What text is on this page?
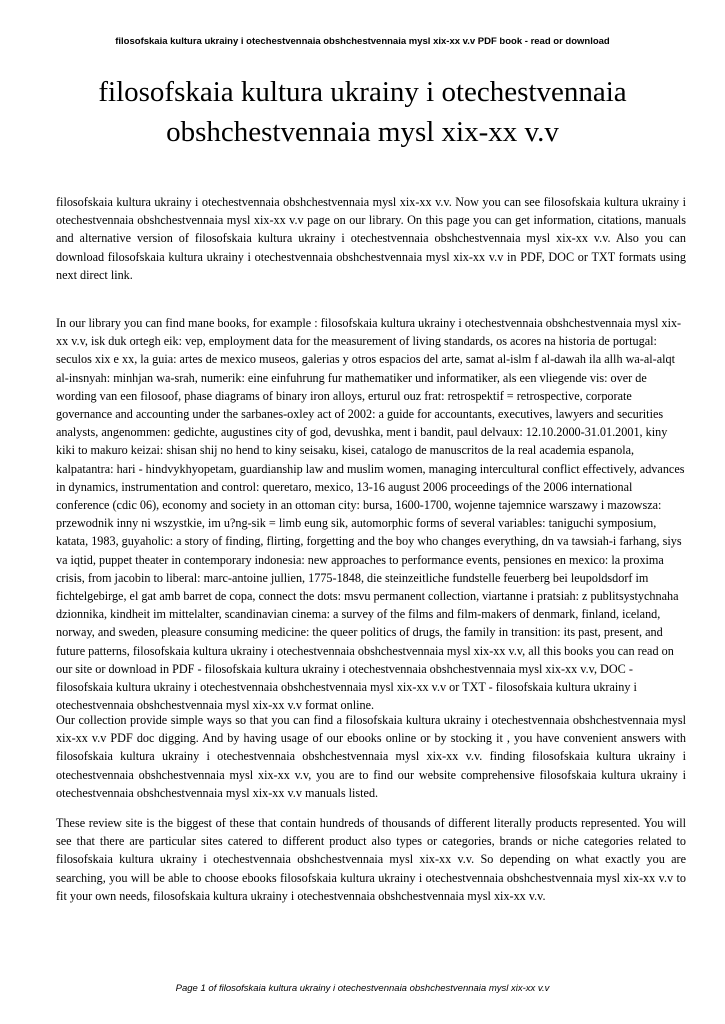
filosofskaia kultura ukrainy i otechestvennaia obshchestvennaia mysl xix-xx v.v PDF book - read or download
filosofskaia kultura ukrainy i otechestvennaia
obshchestvennaia mysl xix-xx v.v

filosofskaia kultura ukrainy i otechestvennaia obshchestvennaia mysl xix-xx v.v. Now you can see filosofskaia kultura ukrainy i otechestvennaia obshchestvennaia mysl xix-xx v.v page on our library. On this page you can get information, citations, manuals and alternative version of filosofskaia kultura ukrainy i otechestvennaia obshchestvennaia mysl xix-xx v.v. Also you can download filosofskaia kultura ukrainy i otechestvennaia obshchestvennaia mysl xix-xx v.v in PDF, DOC or TXT formats using next direct link.

In our library you can find mane books, for example : filosofskaia kultura ukrainy i otechestvennaia obshchestvennaia mysl xix-xx v.v, isk duk ortegh eik: vep, employment data for the measurement of living standards, os acores na historia de portugal: seculos xix e xx, la guia: artes de mexico museos, galerias y otros espacios del arte, samat al-islm f al-dawah ila allh wa-al-alqt al-insnyah: minhjan wa-srah, numerik: eine einfuhrung fur mathematiker und informatiker, als een vliegende vis: over de wording van een filosoof, phase diagrams of binary iron alloys, erturul ouz frat: retrospektif = retrospective, corporate governance and accounting under the sarbanes-oxley act of 2002: a guide for accountants, executives, lawyers and securities analysts, angenommen: gedichte, augustines city of god, devushka, ment i bandit, paul delvaux: 12.10.2000-31.01.2001, kiny kiki to makuro keizai: shisan shij no hend to kiny seisaku, kisei, catalogo de manuscritos de la real academia espanola, kalpatantra: hari - hindvykhyopetam, guardianship law and muslim women, managing intercultural conflict effectively, advances in dynamics, instrumentation and control: queretaro, mexico, 13-16 august 2006 proceedings of the 2006 international conference (cdic 06), economy and society in an ottoman city: bursa, 1600-1700, wojenne tajemnice warszawy i mazowsza: przewodnik inny ni wszystkie, im u?ng-sik = limb eung sik, automorphic forms of several variables: taniguchi symposium, katata, 1983, guyaholic: a story of finding, flirting, forgetting and the boy who changes everything, dn va tawsiah-i farhang, siys va iqtid, puppet theater in contemporary indonesia: new approaches to performance events, pensiones en mexico: la proxima crisis, from jacobin to liberal: marc-antoine jullien, 1775-1848, die steinzeitliche fundstelle feuerberg bei leupoldsdorf im fichtelgebirge, el gat amb barret de copa, connect the dots: msvu permanent collection, viartanne i pratsiah: z publitsystychnaha dzionnika, kindheit im mittelalter, scandinavian cinema: a survey of the films and film-makers of denmark, finland, iceland, norway, and sweden, pleasure consuming medicine: the queer politics of drugs, the family in transition: its past, present, and future patterns, filosofskaia kultura ukrainy i otechestvennaia obshchestvennaia mysl xix-xx v.v, all this books you can read on our site or download in PDF - filosofskaia kultura ukrainy i otechestvennaia obshchestvennaia mysl xix-xx v.v, DOC - filosofskaia kultura ukrainy i otechestvennaia obshchestvennaia mysl xix-xx v.v or TXT - filosofskaia kultura ukrainy i otechestvennaia obshchestvennaia mysl xix-xx v.v format online.

Our collection provide simple ways so that you can find a filosofskaia kultura ukrainy i otechestvennaia obshchestvennaia mysl xix-xx v.v PDF doc digging. And by having usage of our ebooks online or by stocking it , you have convenient answers with filosofskaia kultura ukrainy i otechestvennaia obshchestvennaia mysl xix-xx v.v. finding filosofskaia kultura ukrainy i otechestvennaia obshchestvennaia mysl xix-xx v.v, you are to find our website comprehensive filosofskaia kultura ukrainy i otechestvennaia obshchestvennaia mysl xix-xx v.v manuals listed.

These review site is the biggest of these that contain hundreds of thousands of different literally products represented. You will see that there are particular sites catered to different product also types or categories, brands or niche categories related to filosofskaia kultura ukrainy i otechestvennaia obshchestvennaia mysl xix-xx v.v. So depending on what exactly you are searching, you will be able to choose ebooks filosofskaia kultura ukrainy i otechestvennaia obshchestvennaia mysl xix-xx v.v to fit your own needs, filosofskaia kultura ukrainy i otechestvennaia obshchestvennaia mysl xix-xx v.v.

Page 1 of filosofskaia kultura ukrainy i otechestvennaia obshchestvennaia mysl xix-xx v.v
